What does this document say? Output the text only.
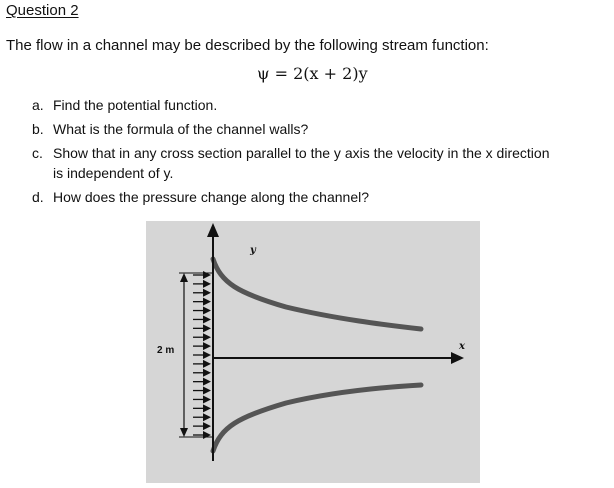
Question 2
The flow in a channel may be described by the following stream function:
ψ = 2(x + 2)y
a. Find the potential function.
b. What is the formula of the channel walls?
c. Show that in any cross section parallel to the y axis the velocity in the x direction
is independent of y.
d. How does the pressure change along the channel?
y
x
2 m
